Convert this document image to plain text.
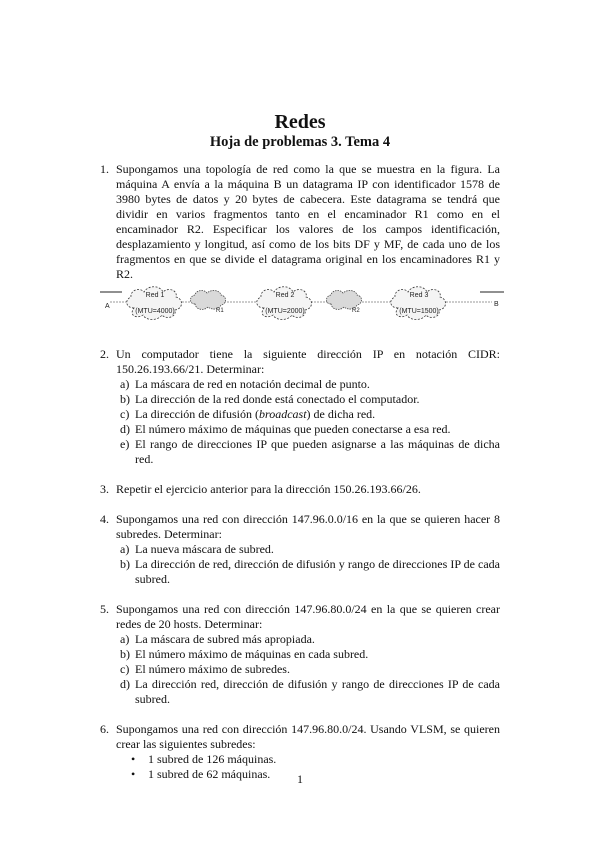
Redes
Hoja de problemas 3. Tema 4
1. Supongamos una topología de red como la que se muestra en la figura. La máquina A envía a la máquina B un datagrama IP con identificador 1578 de 3980 bytes de datos y 20 bytes de cabecera. Este datagrama se tendrá que dividir en varios fragmentos tanto en el encaminador R1 como en el encaminador R2. Especificar los valores de los campos identificación, desplazamiento y longitud, así como de los bits DF y MF, de cada uno de los fragmentos en que se divide el datagrama original en los encaminadores R1 y R2.
A	B
R1	R2
Red 1
(MTU=4000)
Red 2
(MTU=2000)
Red 3
(MTU=1500)
2. Un computador tiene la siguiente dirección IP en notación CIDR: 150.26.193.66/21. Determinar:
a) La máscara de red en notación decimal de punto.
b) La dirección de la red donde está conectado el computador.
c) La dirección de difusión (broadcast) de dicha red.
d) El número máximo de máquinas que pueden conectarse a esa red.
e) El rango de direcciones IP que pueden asignarse a las máquinas de dicha red.
3. Repetir el ejercicio anterior para la dirección 150.26.193.66/26.
4. Supongamos una red con dirección 147.96.0.0/16 en la que se quieren hacer 8 subredes. Determinar:
a) La nueva máscara de subred.
b) La dirección de red, dirección de difusión y rango de direcciones IP de cada subred.
5. Supongamos una red con dirección 147.96.80.0/24 en la que se quieren crear redes de 20 hosts. Determinar:
a) La máscara de subred más apropiada.
b) El número máximo de máquinas en cada subred.
c) El número máximo de subredes.
d) La dirección red, dirección de difusión y rango de direcciones IP de cada subred.
6. Supongamos una red con dirección 147.96.80.0/24. Usando VLSM, se quieren crear las siguientes subredes:
• 1 subred de 126 máquinas.
• 1 subred de 62 máquinas.	1
